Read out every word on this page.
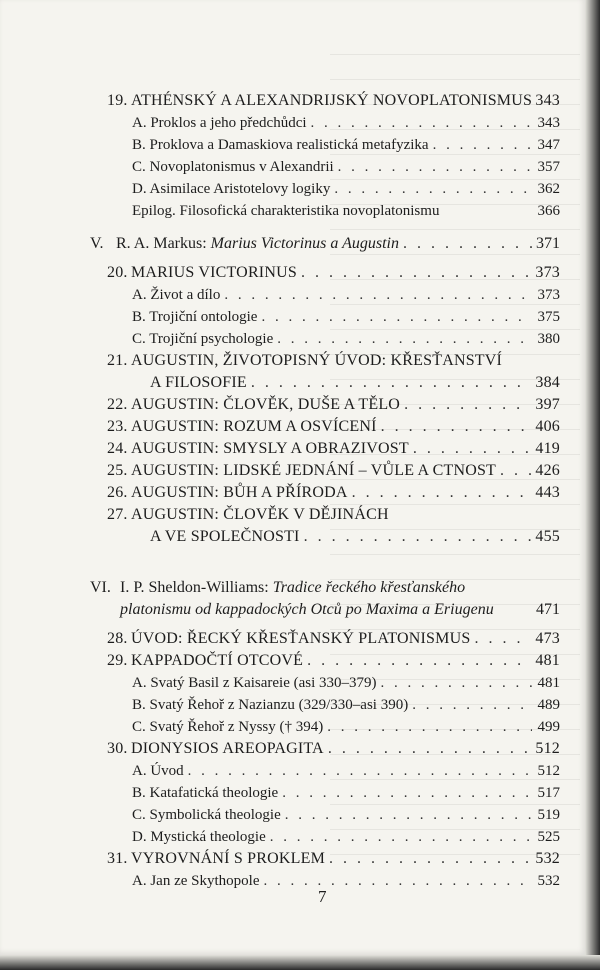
19. ATHÉNSKÝ A ALEXANDRIJSKÝ NOVOPLATONISMUS 343
A. Proklos a jeho předchůdci . . .	343
B. Proklova a Damaskiova realistická metafyzika . . .	347
C. Novoplatonismus v Alexandrii . . .	357
D. Asimilace Aristotelovy logiky . . .	362
Epilog. Filosofická charakteristika novoplatonismu	366
V. R. A. Markus:
Marius Victorinus a Augustin . . .	371
20. MARIUS VICTORINUS . . .	373
A. Život a dílo . . .	373
B. Trojiční ontologie . . .	375
C. Trojiční psychologie . . .	380
21. AUGUSTIN, ŽIVOTOPISNÝ ÚVOD: KŘESŤANSTVÍ
A FILOSOFIE . . .	384
22. AUGUSTIN: ČLOVĚK, DUŠE A TĚLO . . .	397
23. AUGUSTIN: ROZUM A OSVÍCENÍ . . .	406
24. AUGUSTIN: SMYSLY A OBRAZIVOST . . .	419
25. AUGUSTIN: LIDSKÉ JEDNÁNÍ – VŮLE A CTNOST . . . 426
26. AUGUSTIN: BŮH A PŘÍRODA . . .	443
27. AUGUSTIN: ČLOVĚK V DĚJINÁCH
A VE SPOLEČNOSTI . . .	455
VI. I. P. Sheldon-Williams:
Tradice řeckého křesťanského
platonismu od kappadockých Otců po Maxima a Eriugenu	471
28. ÚVOD: ŘECKÝ KŘESŤANSKÝ PLATONISMUS . . .	473
29. KAPPADOČTÍ OTCOVÉ . . .	481
A. Svatý Basil z Kaisareie (asi 330–379) . . .	481
B. Svatý Řehoř z Nazianzu (329/330–asi 390) . . .	489
C. Svatý Řehoř z Nyssy († 394) . . .	499
30. DIONYSIOS AREOPAGITA . . .	512
A. Úvod . . .	512
B. Katafatická theologie . . .	517
C. Symbolická theologie . . .	519
D. Mystická theologie . . .	525
31. VYROVNÁNÍ S PROKLEM . . .	532
A. Jan ze Skythopole . . .	532
7
